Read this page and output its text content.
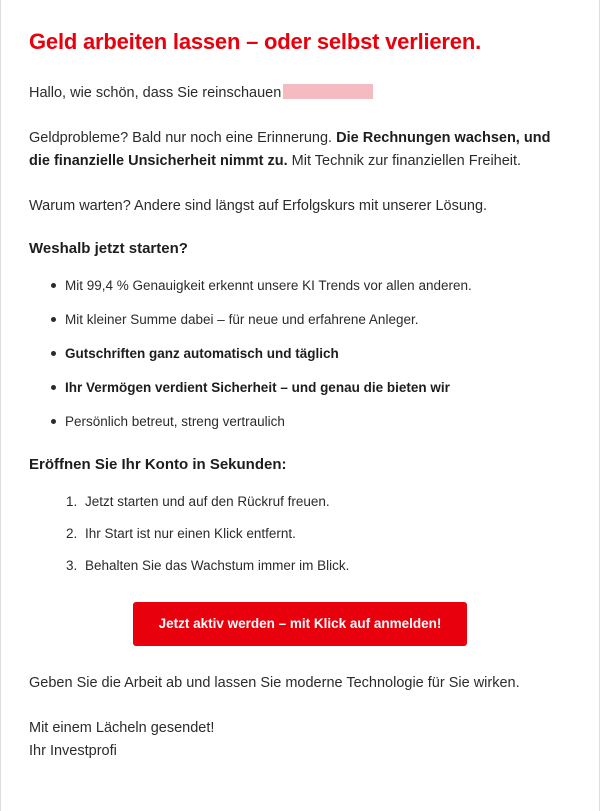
Geld arbeiten lassen – oder selbst verlieren.

Hallo, wie schön, dass Sie reinschauen

Geldprobleme? Bald nur noch eine Erinnerung. Die Rechnungen wachsen, und die finanzielle Unsicherheit nimmt zu. Mit Technik zur finanziellen Freiheit.

Warum warten? Andere sind längst auf Erfolgskurs mit unserer Lösung.

Weshalb jetzt starten?
Mit 99,4 % Genauigkeit erkennt unsere KI Trends vor allen anderen.
Mit kleiner Summe dabei – für neue und erfahrene Anleger.
Gutschriften ganz automatisch und täglich
Ihr Vermögen verdient Sicherheit – und genau die bieten wir
Persönlich betreut, streng vertraulich
Eröffnen Sie Ihr Konto in Sekunden:
1. Jetzt starten und auf den Rückruf freuen.
2. Ihr Start ist nur einen Klick entfernt.
3. Behalten Sie das Wachstum immer im Blick.
Jetzt aktiv werden – mit Klick auf anmelden!

Geben Sie die Arbeit ab und lassen Sie moderne Technologie für Sie wirken.

Mit einem Lächeln gesendet!
Ihr Investprofi
